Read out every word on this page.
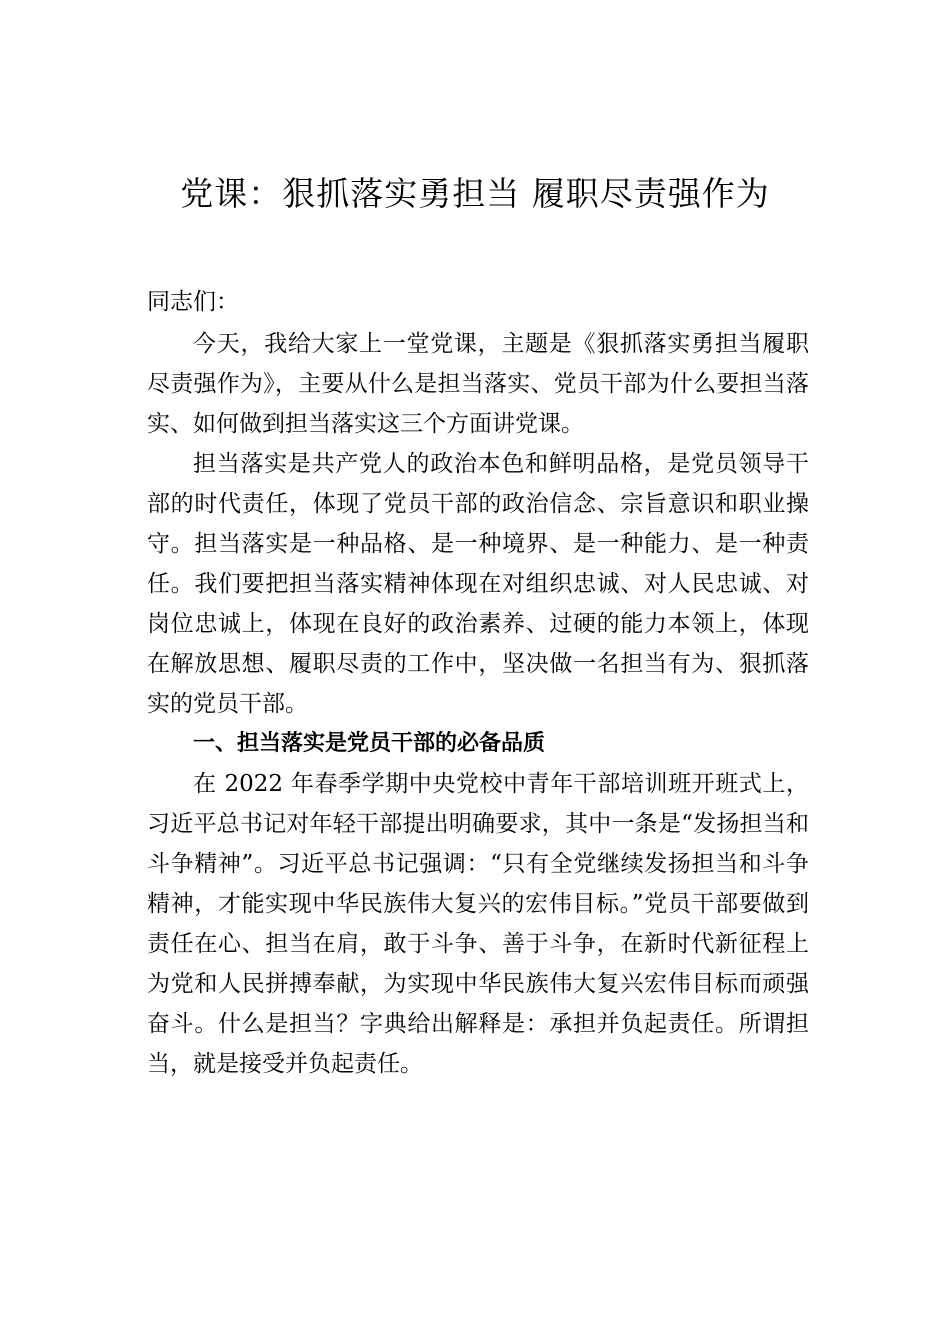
党课：狠抓落实勇担当 履职尽责强作为

同志们：

今天，我给大家上一堂党课，主题是《狠抓落实勇担当履职尽责强作为》，主要从什么是担当落实、党员干部为什么要担当落实、如何做到担当落实这三个方面讲党课。

担当落实是共产党人的政治本色和鲜明品格，是党员领导干部的时代责任，体现了党员干部的政治信念、宗旨意识和职业操守。担当落实是一种品格、是一种境界、是一种能力、是一种责任。我们要把担当落实精神体现在对组织忠诚、对人民忠诚、对岗位忠诚上，体现在良好的政治素养、过硬的能力本领上，体现在解放思想、履职尽责的工作中，坚决做一名担当有为、狠抓落实的党员干部。

一、担当落实是党员干部的必备品质

在 2022 年春季学期中央党校中青年干部培训班开班式上，习近平总书记对年轻干部提出明确要求，其中一条是“发扬担当和斗争精神”。习近平总书记强调：“只有全党继续发扬担当和斗争精神，才能实现中华民族伟大复兴的宏伟目标。”党员干部要做到责任在心、担当在肩，敢于斗争、善于斗争，在新时代新征程上为党和人民拼搏奉献，为实现中华民族伟大复兴宏伟目标而顽强奋斗。什么是担当？字典给出解释是：承担并负起责任。所谓担当，就是接受并负起责任。
